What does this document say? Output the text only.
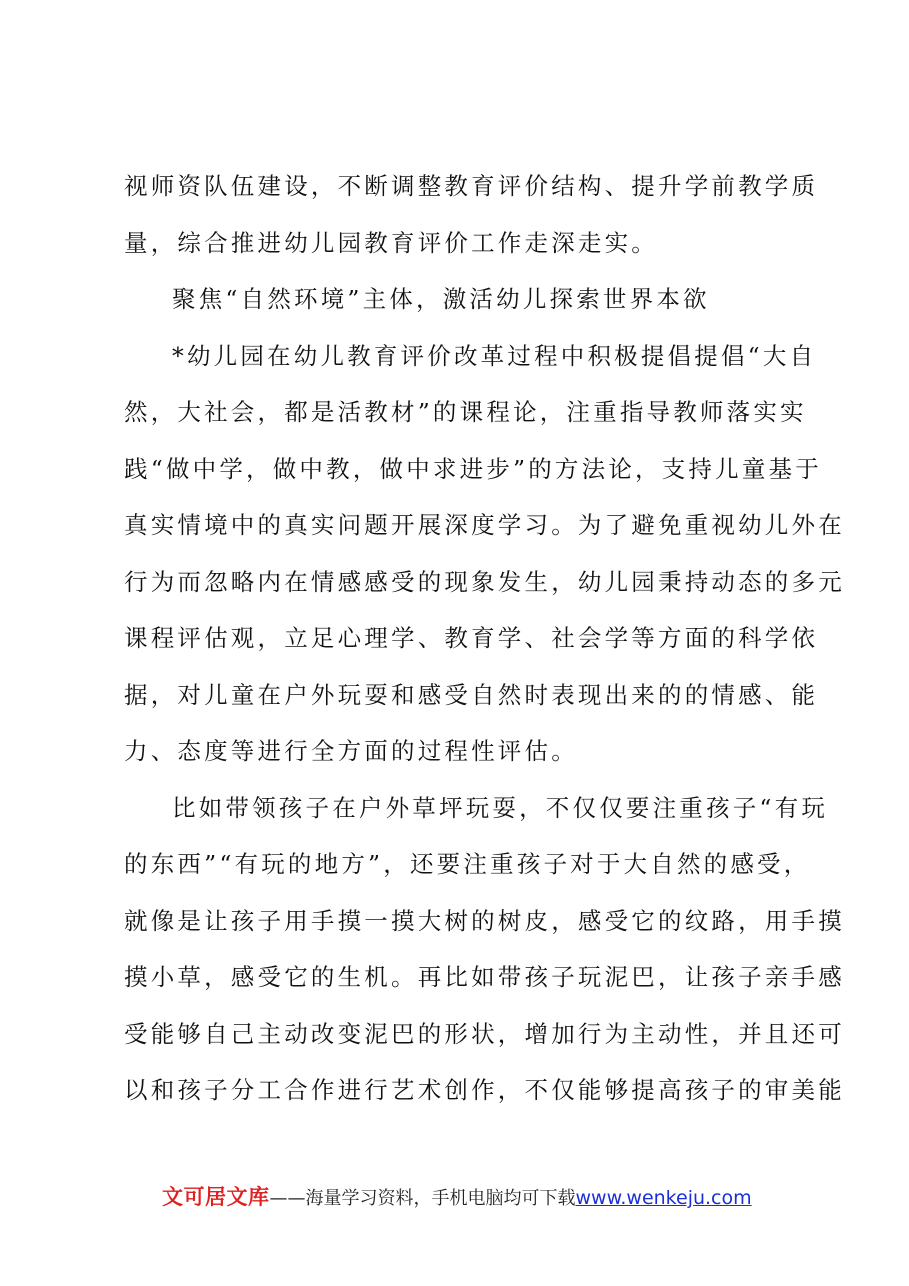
视师资队伍建设，不断调整教育评价结构、提升学前教学质
量，综合推进幼儿园教育评价工作走深走实。
聚焦“自然环境”主体，激活幼儿探索世界本欲
*幼儿园在幼儿教育评价改革过程中积极提倡提倡“大自
然，大社会，都是活教材”的课程论，注重指导教师落实实
践“做中学，做中教，做中求进步”的方法论，支持儿童基于
真实情境中的真实问题开展深度学习。为了避免重视幼儿外在
行为而忽略内在情感感受的现象发生，幼儿园秉持动态的多元
课程评估观，立足心理学、教育学、社会学等方面的科学依
据，对儿童在户外玩耍和感受自然时表现出来的的情感、能
力、态度等进行全方面的过程性评估。
比如带领孩子在户外草坪玩耍，不仅仅要注重孩子“有玩
的东西”“有玩的地方”，还要注重孩子对于大自然的感受，
就像是让孩子用手摸一摸大树的树皮，感受它的纹路，用手摸
摸小草，感受它的生机。再比如带孩子玩泥巴，让孩子亲手感
受能够自己主动改变泥巴的形状，增加行为主动性，并且还可
以和孩子分工合作进行艺术创作，不仅能够提高孩子的审美能
文可居文库——海量学习资料，手机电脑均可下载www.wenkeju.com
